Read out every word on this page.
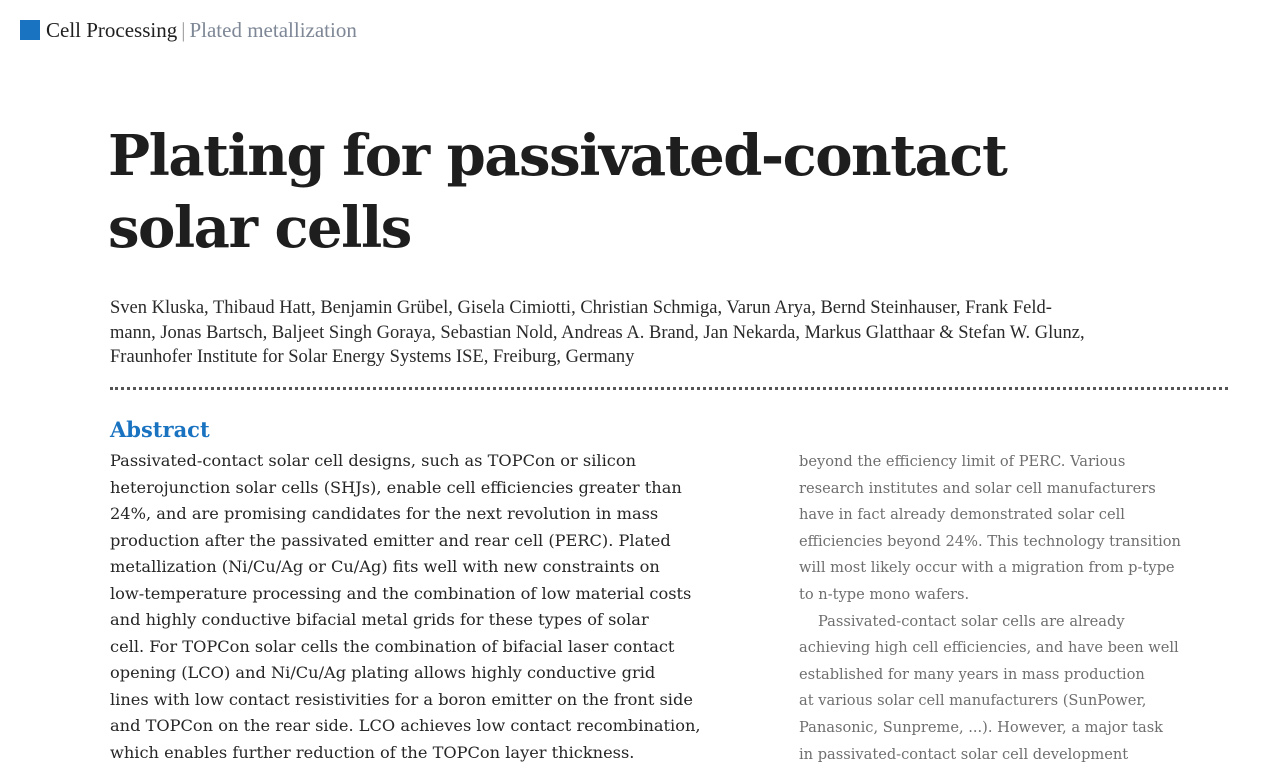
Cell Processing | Plated metallization
Plating for passivated-contact
solar cells

Sven Kluska, Thibaud Hatt, Benjamin Grübel, Gisela Cimiotti, Christian Schmiga, Varun Arya, Bernd Steinhauser, Frank Feld-
mann, Jonas Bartsch, Baljeet Singh Goraya, Sebastian Nold, Andreas A. Brand, Jan Nekarda, Markus Glatthaar & Stefan W. Glunz,
Fraunhofer Institute for Solar Energy Systems ISE, Freiburg, Germany

Abstract

Passivated-contact solar cell designs, such as TOPCon or silicon
heterojunction solar cells (SHJs), enable cell efficiencies greater than
24%, and are promising candidates for the next revolution in mass
production after the passivated emitter and rear cell (PERC). Plated
metallization (Ni/Cu/Ag or Cu/Ag) fits well with new constraints on
low-temperature processing and the combination of low material costs
and highly conductive bifacial metal grids for these types of solar
cell. For TOPCon solar cells the combination of bifacial laser contact
opening (LCO) and Ni/Cu/Ag plating allows highly conductive grid
lines with low contact resistivities for a boron emitter on the front side
and TOPCon on the rear side. LCO achieves low contact recombination,
which enables further reduction of the TOPCon layer thickness.

beyond the efficiency limit of PERC. Various
research institutes and solar cell manufacturers
have in fact already demonstrated solar cell
efficiencies beyond 24%. This technology transition
will most likely occur with a migration from p-type
to n-type mono wafers.
Passivated-contact solar cells are already
achieving high cell efficiencies, and have been well
established for many years in mass production
at various solar cell manufacturers (SunPower,
Panasonic, Sunpreme, ...). However, a major task
in passivated-contact solar cell development
